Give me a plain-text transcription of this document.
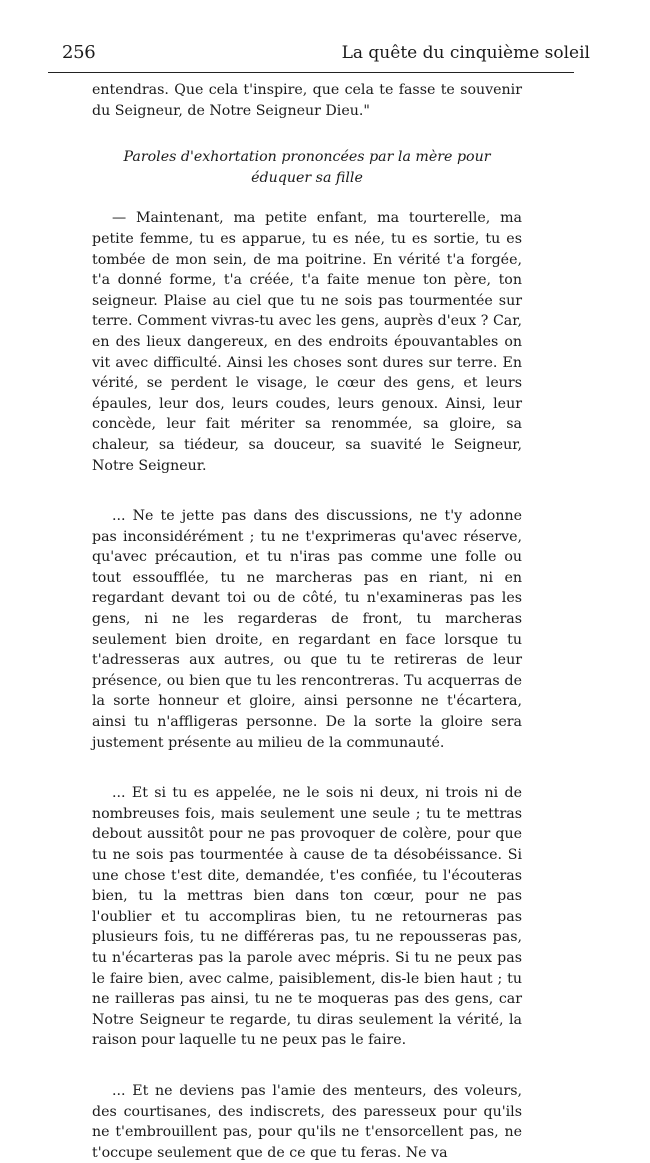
256	La quête du cinquième soleil

entendras. Que cela t'inspire, que cela te fasse te souvenir du Seigneur, de Notre Seigneur Dieu."

Paroles d'exhortation prononcées par la mère pour éduquer sa fille

— Maintenant, ma petite enfant, ma tourterelle, ma petite femme, tu es apparue, tu es née, tu es sortie, tu es tombée de mon sein, de ma poitrine. En vérité t'a forgée, t'a donné forme, t'a créée, t'a faite menue ton père, ton seigneur. Plaise au ciel que tu ne sois pas tourmentée sur terre. Comment vivras-tu avec les gens, auprès d'eux ? Car, en des lieux dangereux, en des endroits épouvantables on vit avec difficulté. Ainsi les choses sont dures sur terre. En vérité, se perdent le visage, le cœur des gens, et leurs épaules, leur dos, leurs coudes, leurs genoux. Ainsi, leur concède, leur fait mériter sa renommée, sa gloire, sa chaleur, sa tiédeur, sa douceur, sa suavité le Seigneur, Notre Seigneur.

... Ne te jette pas dans des discussions, ne t'y adonne pas inconsidérément ; tu ne t'exprimeras qu'avec réserve, qu'avec précaution, et tu n'iras pas comme une folle ou tout essoufflée, tu ne marcheras pas en riant, ni en regardant devant toi ou de côté, tu n'examineras pas les gens, ni ne les regarderas de front, tu marcheras seulement bien droite, en regardant en face lorsque tu t'adresseras aux autres, ou que tu te retireras de leur présence, ou bien que tu les rencontreras. Tu acquerras de la sorte honneur et gloire, ainsi personne ne t'écartera, ainsi tu n'affligeras personne. De la sorte la gloire sera justement présente au milieu de la communauté.

... Et si tu es appelée, ne le sois ni deux, ni trois ni de nombreuses fois, mais seulement une seule ; tu te mettras debout aussitôt pour ne pas provoquer de colère, pour que tu ne sois pas tourmentée à cause de ta désobéissance. Si une chose t'est dite, demandée, t'es confiée, tu l'écouteras bien, tu la mettras bien dans ton cœur, pour ne pas l'oublier et tu accompliras bien, tu ne retourneras pas plusieurs fois, tu ne différeras pas, tu ne repousseras pas, tu n'écarteras pas la parole avec mépris. Si tu ne peux pas le faire bien, avec calme, paisiblement, dis-le bien haut ; tu ne railleras pas ainsi, tu ne te moqueras pas des gens, car Notre Seigneur te regarde, tu diras seulement la vérité, la raison pour laquelle tu ne peux pas le faire.

... Et ne deviens pas l'amie des menteurs, des voleurs, des courtisanes, des indiscrets, des paresseux pour qu'ils ne t'embrouillent pas, pour qu'ils ne t'ensorcellent pas, ne t'occupe seulement que de ce que tu feras. Ne va
